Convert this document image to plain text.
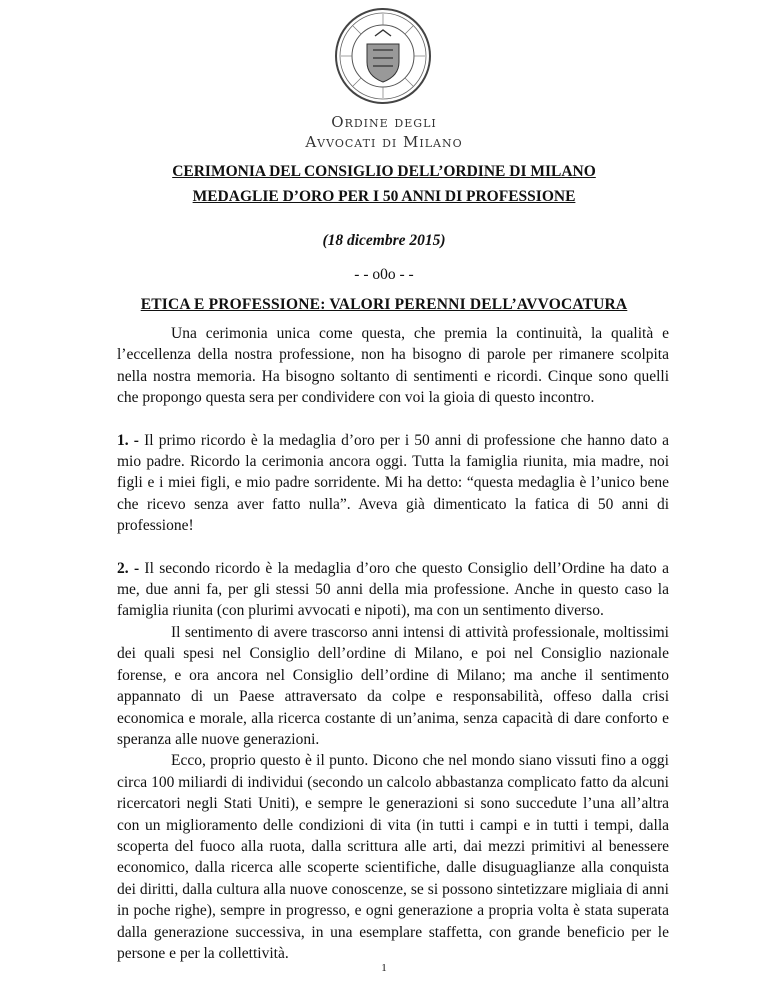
Ordine degli
Avvocati di Milano
CERIMONIA DEL CONSIGLIO DELL’ORDINE DI MILANO
MEDAGLIE D’ORO PER I 50 ANNI DI PROFESSIONE
(18 dicembre 2015)
- - o0o - -
ETICA E PROFESSIONE: VALORI PERENNI DELL’AVVOCATURA

Una cerimonia unica come questa, che premia la continuità, la qualità e l’eccellenza della nostra professione, non ha bisogno di parole per rimanere scolpita nella nostra memoria. Ha bisogno soltanto di sentimenti e ricordi. Cinque sono quelli che propongo questa sera per condividere con voi la gioia di questo incontro.

1. - Il primo ricordo è la medaglia d’oro per i 50 anni di professione che hanno dato a mio padre. Ricordo la cerimonia ancora oggi. Tutta la famiglia riunita, mia madre, noi figli e i miei figli, e mio padre sorridente. Mi ha detto: “questa medaglia è l’unico bene che ricevo senza aver fatto nulla”. Aveva già dimenticato la fatica di 50 anni di professione!

2. - Il secondo ricordo è la medaglia d’oro che questo Consiglio dell’Ordine ha dato a me, due anni fa, per gli stessi 50 anni della mia professione. Anche in questo caso la famiglia riunita (con plurimi avvocati e nipoti), ma con un sentimento diverso.

Il sentimento di avere trascorso anni intensi di attività professionale, moltissimi dei quali spesi nel Consiglio dell’ordine di Milano, e poi nel Consiglio nazionale forense, e ora ancora nel Consiglio dell’ordine di Milano; ma anche il sentimento appannato di un Paese attraversato da colpe e responsabilità, offeso dalla crisi economica e morale, alla ricerca costante di un’anima, senza capacità di dare conforto e speranza alle nuove generazioni.

Ecco, proprio questo è il punto. Dicono che nel mondo siano vissuti fino a oggi circa 100 miliardi di individui (secondo un calcolo abbastanza complicato fatto da alcuni ricercatori negli Stati Uniti), e sempre le generazioni si sono succedute l’una all’altra con un miglioramento delle condizioni di vita (in tutti i campi e in tutti i tempi, dalla scoperta del fuoco alla ruota, dalla scrittura alle arti, dai mezzi primitivi al benessere economico, dalla ricerca alle scoperte scientifiche, dalle disuguaglianze alla conquista dei diritti, dalla cultura alla nuove conoscenze, se si possono sintetizzare migliaia di anni in poche righe), sempre in progresso, e ogni generazione a propria volta è stata superata dalla generazione successiva, in una esemplare staffetta, con grande beneficio per le persone e per la collettività.

1
